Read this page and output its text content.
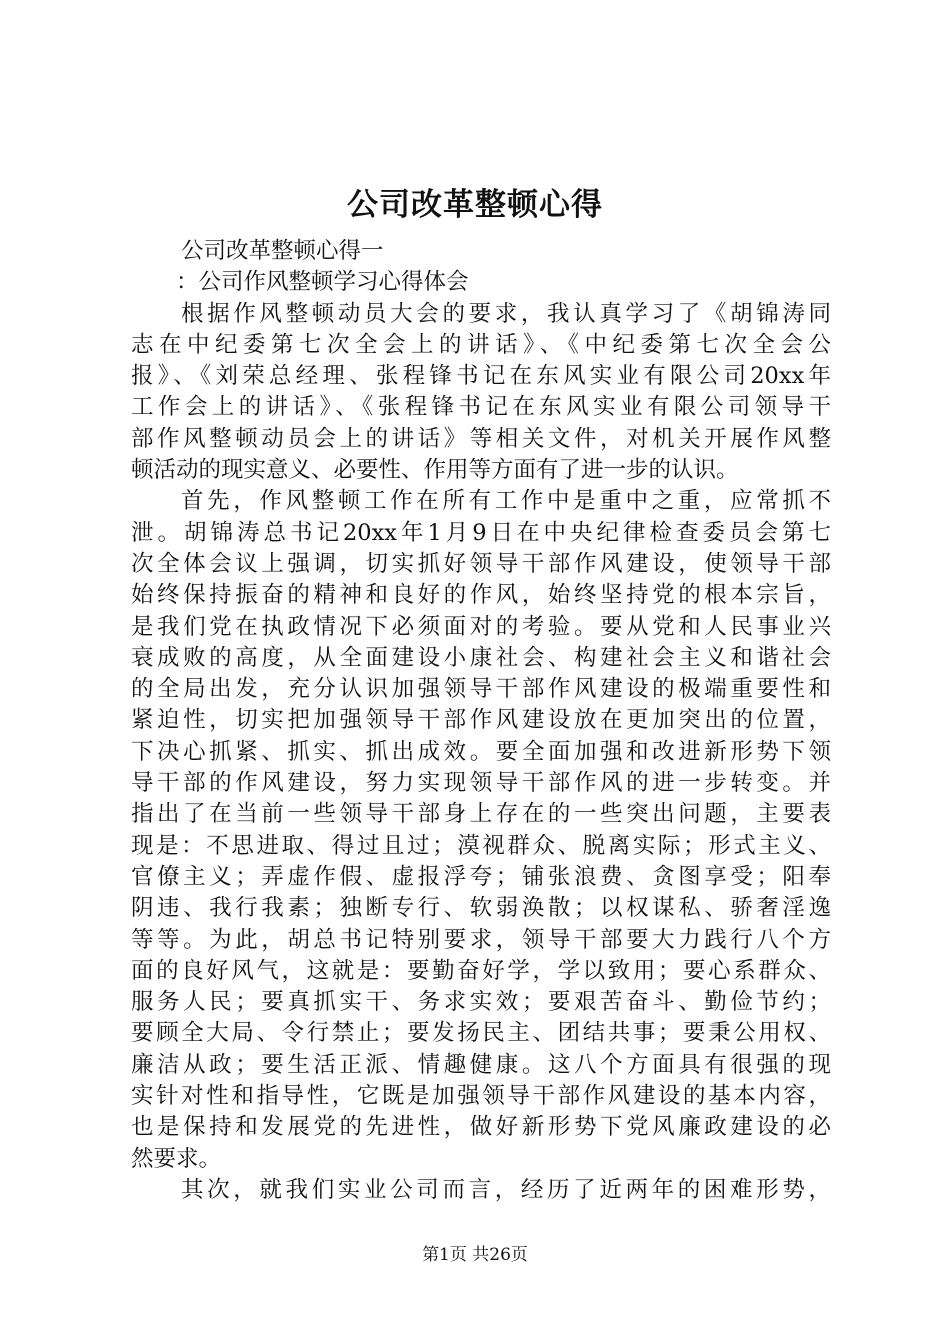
公司改革整顿心得
公司改革整顿心得一
：公司作风整顿学习心得体会
根据作风整顿动员大会的要求，我认真学习了《胡锦涛同
志在中纪委第七次全会上的讲话》、《中纪委第七次全会公
报》、《刘荣总经理、张程锋书记在东风实业有限公司20xx年
工作会上的讲话》、《张程锋书记在东风实业有限公司领导干
部作风整顿动员会上的讲话》等相关文件，对机关开展作风整
顿活动的现实意义、必要性、作用等方面有了进一步的认识。
首先，作风整顿工作在所有工作中是重中之重，应常抓不
泄。胡锦涛总书记20xx年1月9日在中央纪律检查委员会第七
次全体会议上强调，切实抓好领导干部作风建设，使领导干部
始终保持振奋的精神和良好的作风，始终坚持党的根本宗旨，
是我们党在执政情况下必须面对的考验。要从党和人民事业兴
衰成败的高度，从全面建设小康社会、构建社会主义和谐社会
的全局出发，充分认识加强领导干部作风建设的极端重要性和
紧迫性，切实把加强领导干部作风建设放在更加突出的位置，
下决心抓紧、抓实、抓出成效。要全面加强和改进新形势下领
导干部的作风建设，努力实现领导干部作风的进一步转变。并
指出了在当前一些领导干部身上存在的一些突出问题，主要表
现是：不思进取、得过且过；漠视群众、脱离实际；形式主义、
官僚主义；弄虚作假、虚报浮夸；铺张浪费、贪图享受；阳奉
阴违、我行我素；独断专行、软弱涣散；以权谋私、骄奢淫逸
等等。为此，胡总书记特别要求，领导干部要大力践行八个方
面的良好风气，这就是：要勤奋好学，学以致用；要心系群众、
服务人民；要真抓实干、务求实效；要艰苦奋斗、勤俭节约；
要顾全大局、令行禁止；要发扬民主、团结共事；要秉公用权、
廉洁从政；要生活正派、情趣健康。这八个方面具有很强的现
实针对性和指导性，它既是加强领导干部作风建设的基本内容，
也是保持和发展党的先进性，做好新形势下党风廉政建设的必
然要求。
其次，就我们实业公司而言，经历了近两年的困难形势，
第1页 共26页
